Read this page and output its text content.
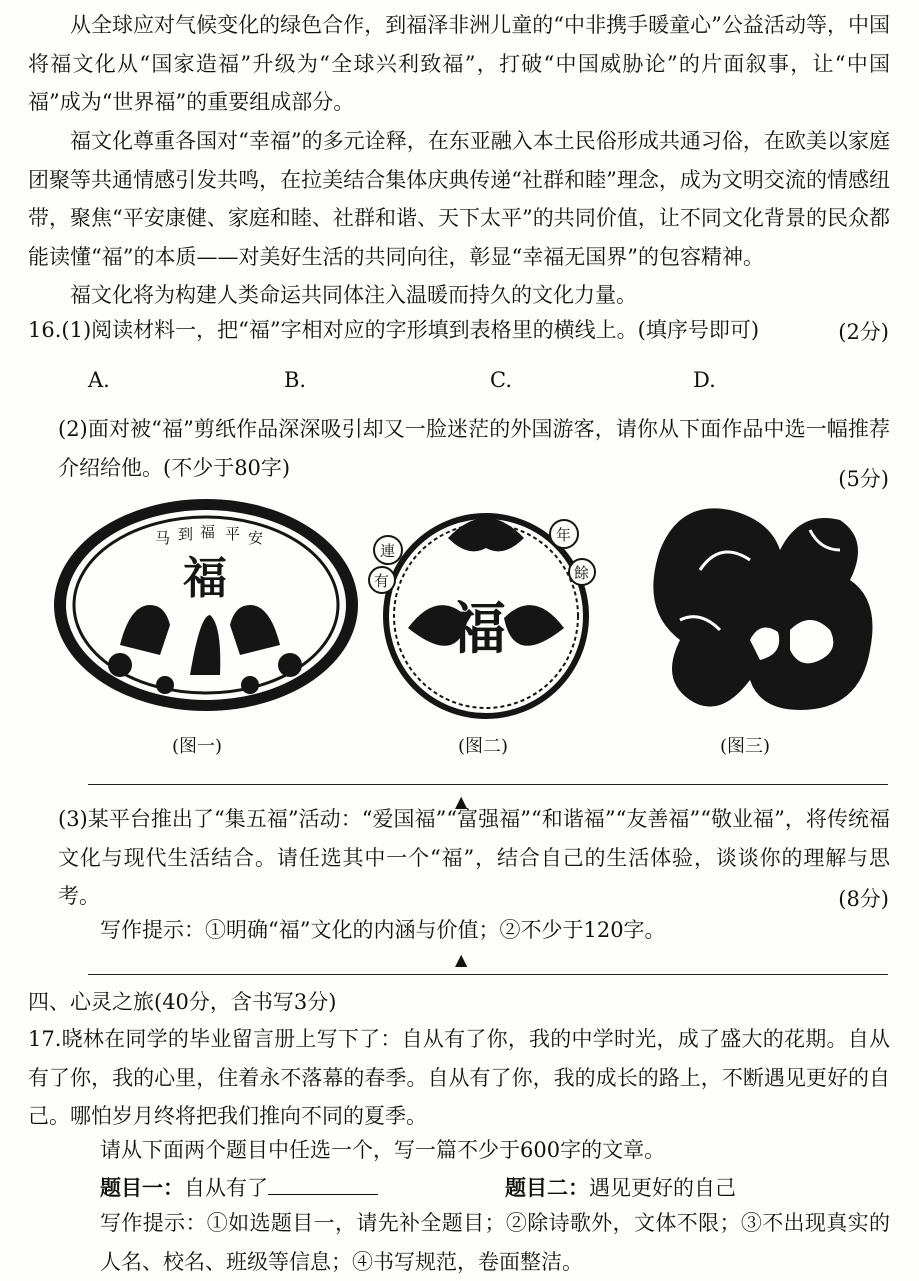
从全球应对气候变化的绿色合作，到福泽非洲儿童的“中非携手暖童心”公益活动等，中国将福文化从“国家造福”升级为“全球兴利致福”，打破“中国威胁论”的片面叙事，让“中国福”成为“世界福”的重要组成部分。
福文化尊重各国对“幸福”的多元诠释，在东亚融入本土民俗形成共通习俗，在欧美以家庭团聚等共通情感引发共鸣，在拉美结合集体庆典传递“社群和睦”理念，成为文明交流的情感纽带，聚焦“平安康健、家庭和睦、社群和谐、天下太平”的共同价值，让不同文化背景的民众都能读懂“福”的本质——对美好生活的共同向往，彰显“幸福无国界”的包容精神。
福文化将为构建人类命运共同体注入温暖而持久的文化力量。
16.(1)阅读材料一，把“福”字相对应的字形填到表格里的横线上。(填序号即可)	(2分)
A.	B.	C.	D.
(2)面对被“福”剪纸作品深深吸引却又一脸迷茫的外国游客，请你从下面作品中选一幅推荐介绍给他。(不少于80字)	(5分)
马 到 福 平 安
福
連
年
有	餘
福
(图一)	(图二)	(图三)
▲
(3)某平台推出了“集五福”活动：“爱国福”“富强福”“和谐福”“友善福”“敬业福”，将传统福文化与现代生活结合。请任选其中一个“福”，结合自己的生活体验，谈谈你的理解与思考。	(8分)
写作提示：①明确“福”文化的内涵与价值；②不少于120字。
▲
四、心灵之旅(40分，含书写3分)
17.晓林在同学的毕业留言册上写下了：自从有了你，我的中学时光，成了盛大的花期。自从有了你，我的心里，住着永不落幕的春季。自从有了你，我的成长的路上，不断遇见更好的自己。哪怕岁月终将把我们推向不同的夏季。
请从下面两个题目中任选一个，写一篇不少于600字的文章。
题目一：自从有了	题目二：遇见更好的自己
写作提示：①如选题目一，请先补全题目；②除诗歌外，文体不限；③不出现真实的人名、校名、班级等信息；④书写规范，卷面整洁。
